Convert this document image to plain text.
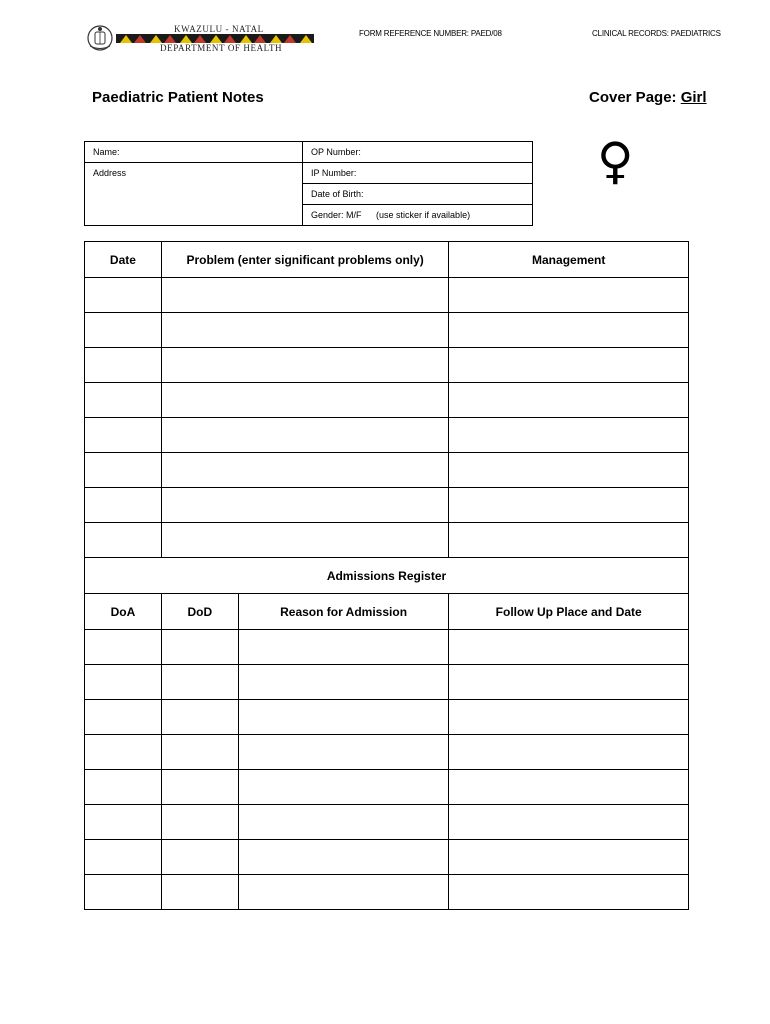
KWAZULU - NATAL
DEPARTMENT OF HEALTH
FORM REFERENCE NUMBER: PAED/08	CLINICAL RECORDS: PAEDIATRICS
Paediatric Patient Notes	Cover Page: Girl
Name:	OP Number:
Address	IP Number:
	Date of Birth:
	Gender: M/F (use sticker if available)
♀
Date	Problem (enter significant problems only)		Management

Admissions Register			
DoA	DoD	Reason for Admission	Follow Up Place and Date
